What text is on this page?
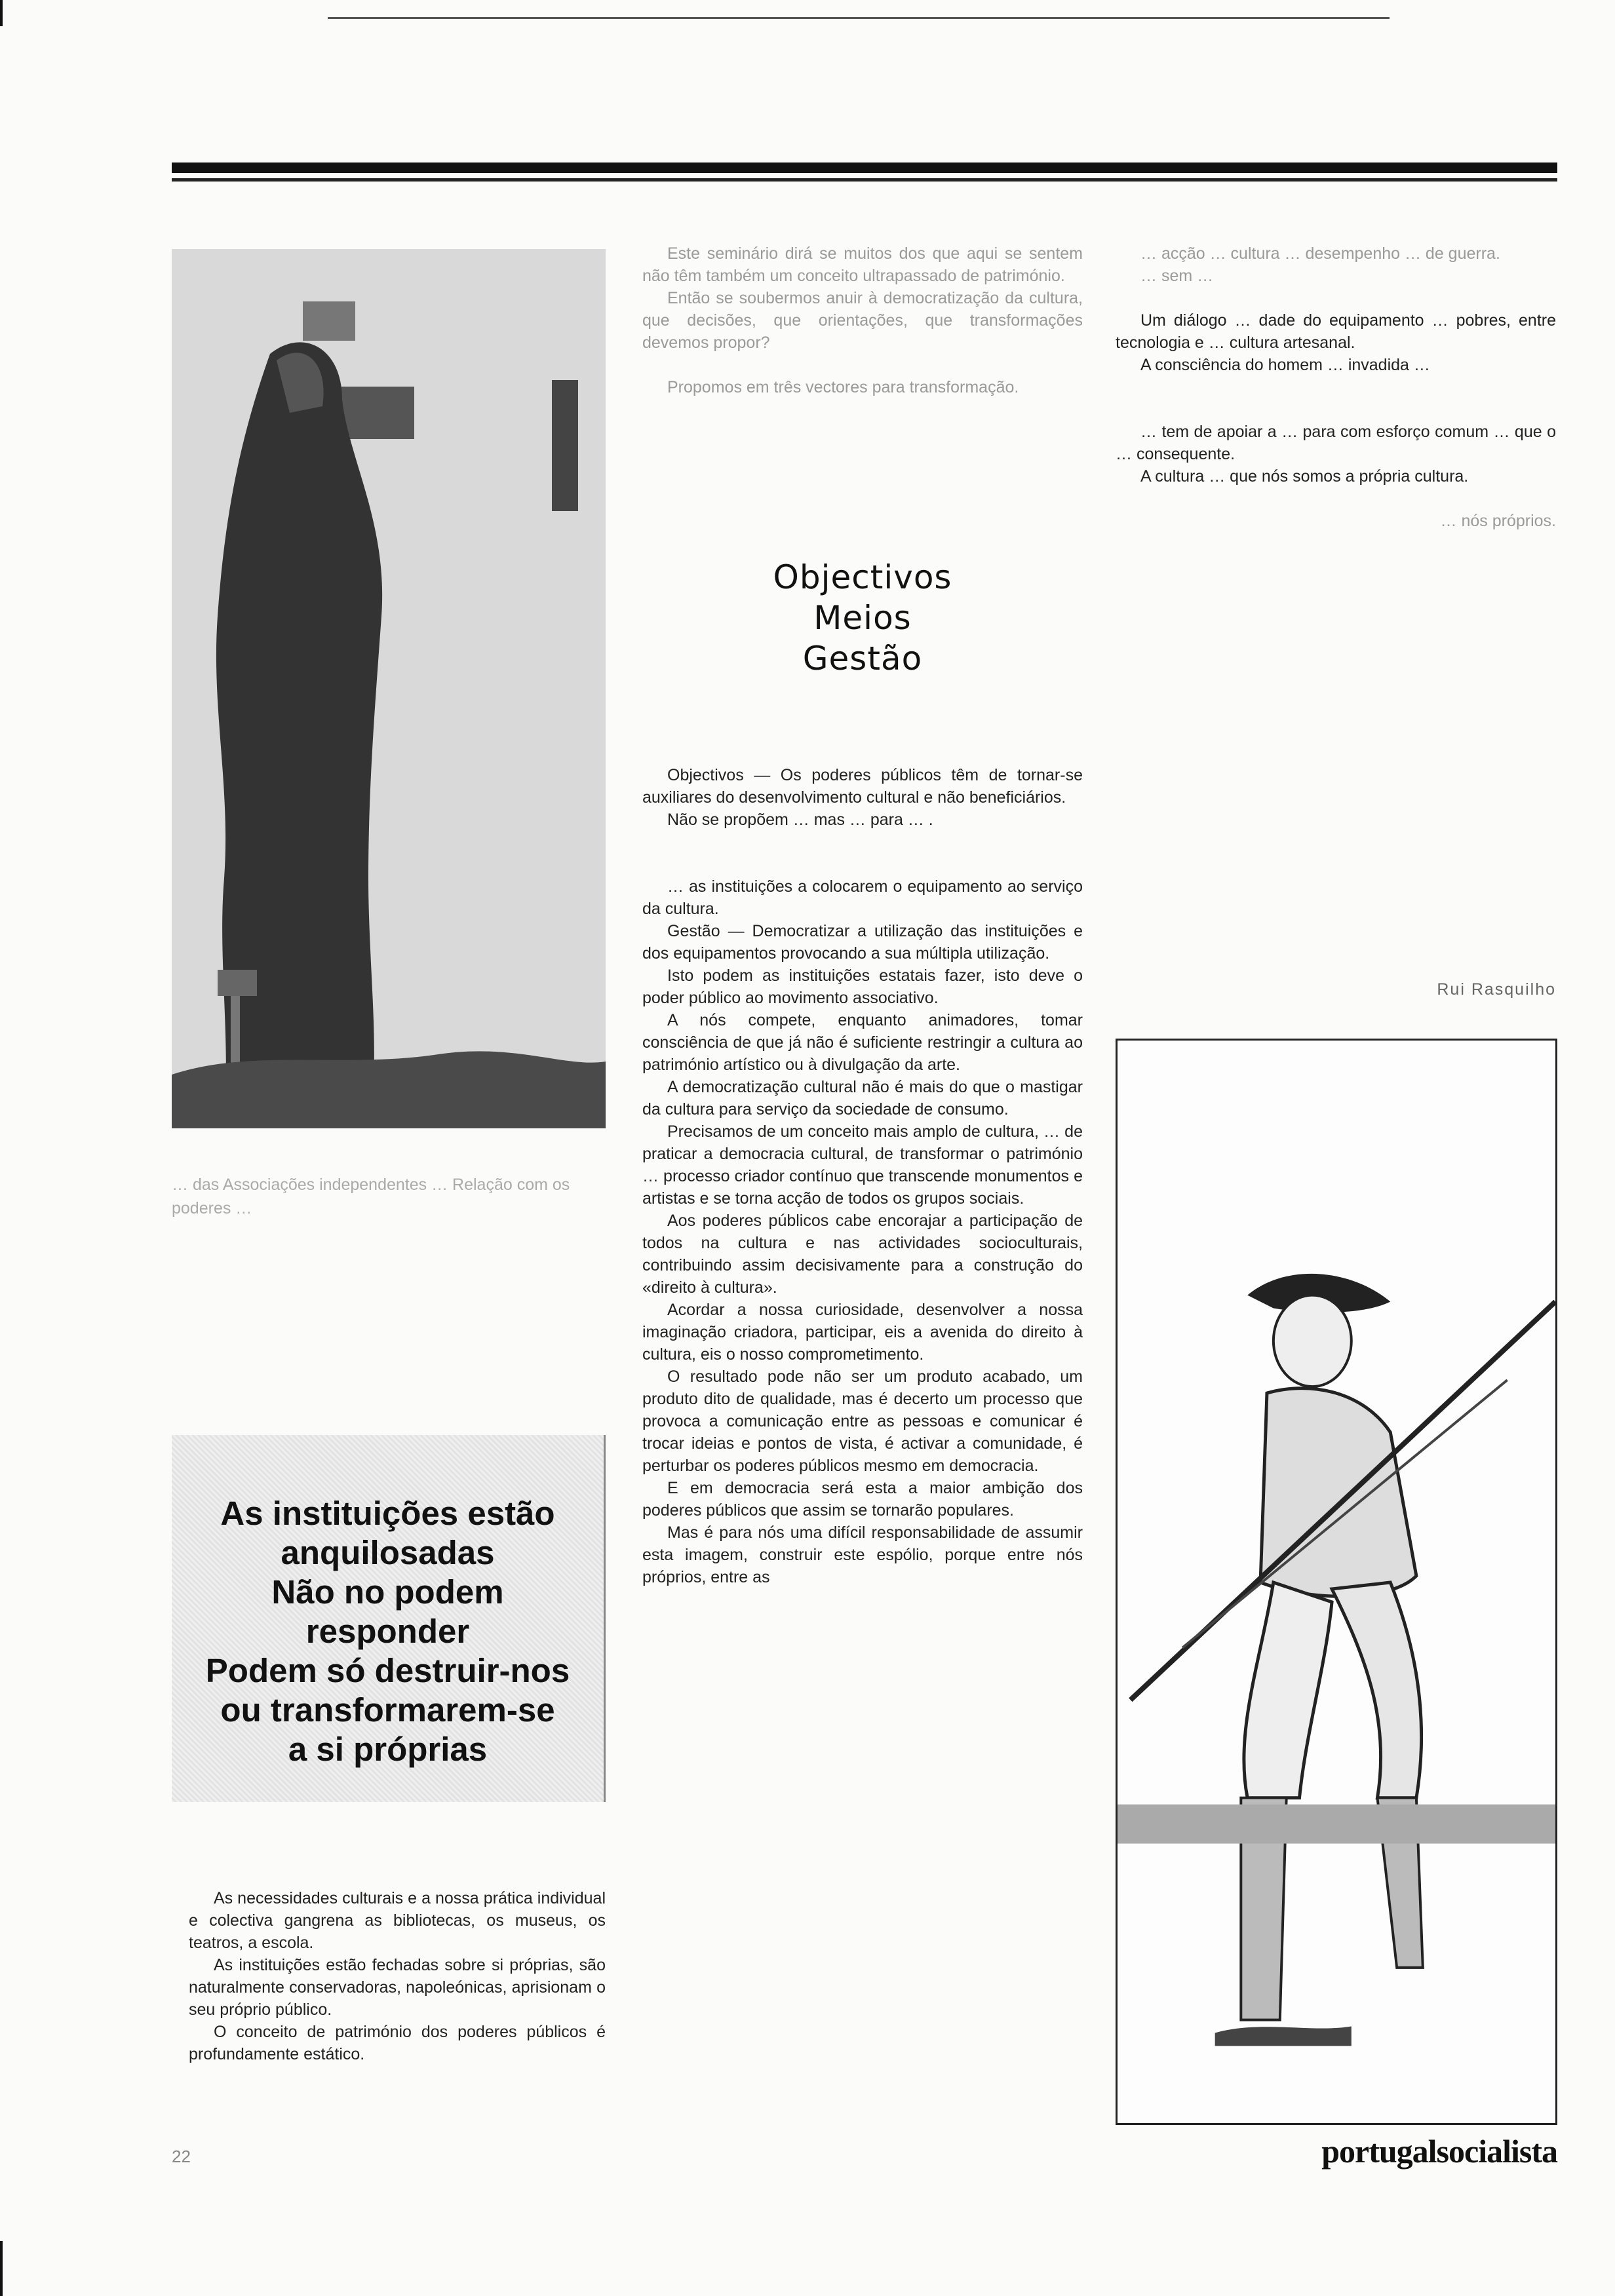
… das Associações independentes … Relação com os poderes …
As instituições estão
anquilosadas
Não no podem
responder
Podem só destruir-nos
ou transformarem-se
a si próprias

As necessidades culturais e a nossa prática individual e colectiva gangrena as bibliotecas, os museus, os teatros, a escola.

As instituições estão fechadas sobre si próprias, são naturalmente conservadoras, napoleónicas, aprisionam o seu próprio público.

O conceito de património dos poderes públicos é profundamente estático.

Este seminário dirá se muitos dos que aqui se sentem não têm também um conceito ultrapassado de património.

Então se soubermos anuir à democratização da cultura, que decisões, que orientações, que transformações devemos propor?

Propomos em três vectores para transformação.

Objectivos
Meios
Gestão

Objectivos — Os poderes públicos têm de tornar-se auxiliares do desenvolvimento cultural e não beneficiários.

Não se propõem … mas … para … .

… as instituições a colocarem o equipamento ao serviço da cultura.

Gestão — Democratizar a utilização das instituições e dos equipamentos provocando a sua múltipla utilização.

Isto podem as instituições estatais fazer, isto deve o poder público ao movimento associativo.

A nós compete, enquanto animadores, tomar consciência de que já não é suficiente restringir a cultura ao património artístico ou à divulgação da arte.

A democratização cultural não é mais do que o mastigar da cultura para serviço da sociedade de consumo.

Precisamos de um conceito mais amplo de cultura, … de praticar a democracia cultural, de transformar o património … processo criador contínuo que transcende monumentos e artistas e se torna acção de todos os grupos sociais.

Aos poderes públicos cabe encorajar a participação de todos na cultura e nas actividades socioculturais, contribuindo assim decisivamente para a construção do «direito à cultura».

Acordar a nossa curiosidade, desenvolver a nossa imaginação criadora, participar, eis a avenida do direito à cultura, eis o nosso comprometimento.

O resultado pode não ser um produto acabado, um produto dito de qualidade, mas é decerto um processo que provoca a comunicação entre as pessoas e comunicar é trocar ideias e pontos de vista, é activar a comunidade, é perturbar os poderes públicos mesmo em democracia.

E em democracia será esta a maior ambição dos poderes públicos que assim se tornarão populares.

Mas é para nós uma difícil responsabilidade de assumir esta imagem, construir este espólio, porque entre nós próprios, entre as

… acção … cultura … desempenho … de guerra.

… sem …

Um diálogo … dade do equipamento … pobres, entre tecnologia e … cultura artesanal.

A consciência do homem … invadida …

… tem de apoiar a … para com esforço comum … que o … consequente.

A cultura … que nós somos a própria cultura.

… nós próprios.

Rui Rasquilho
22	portugalsocialista
